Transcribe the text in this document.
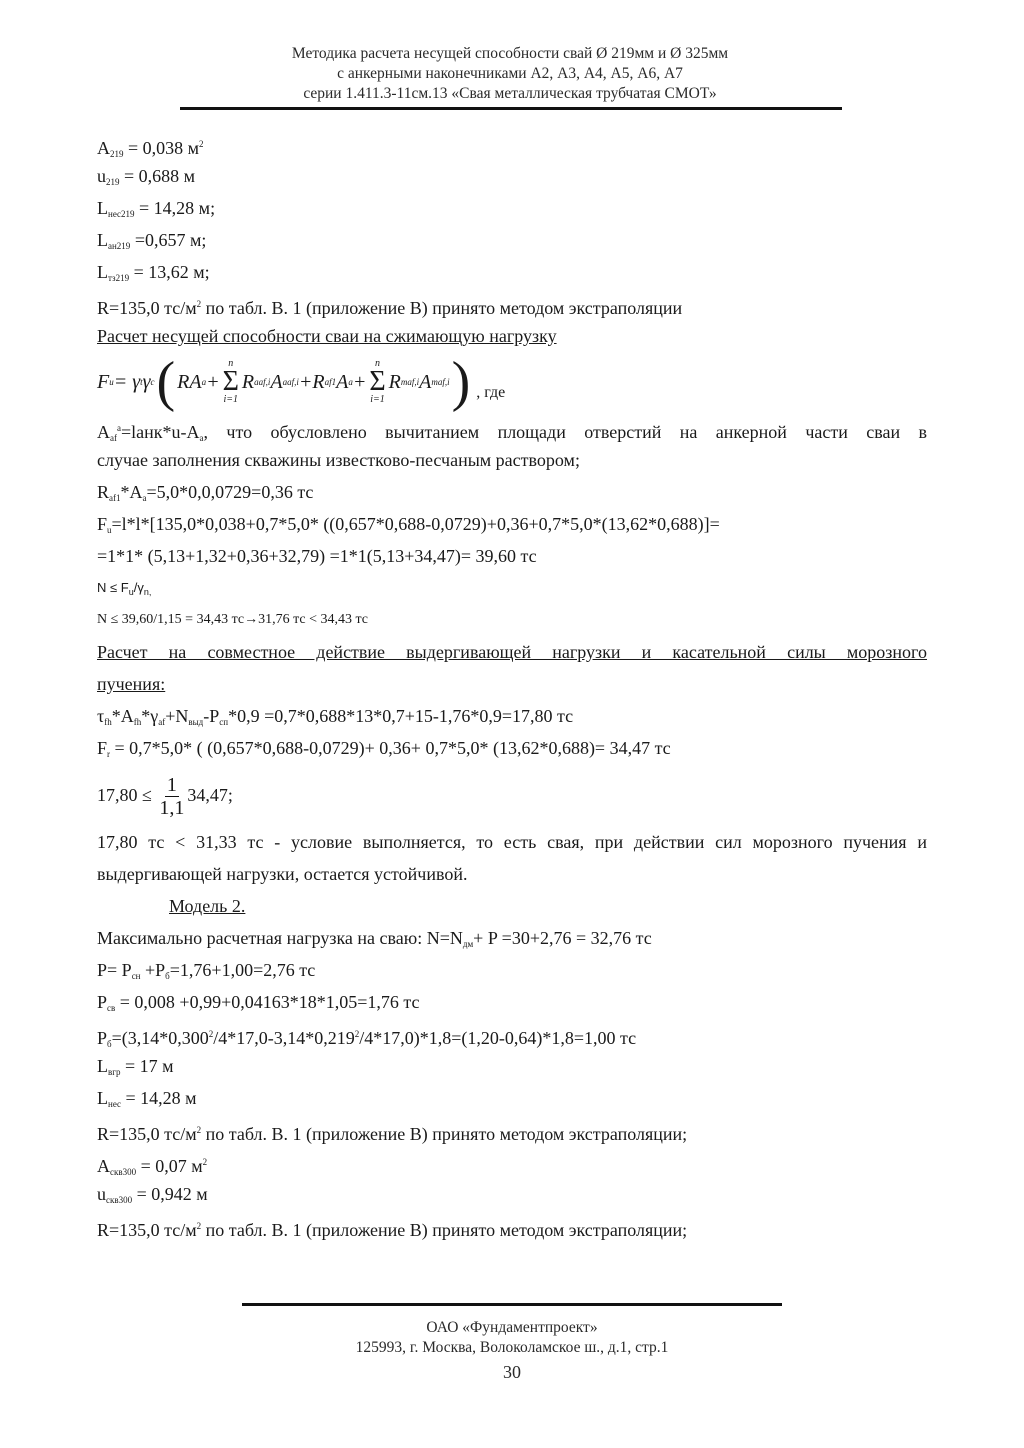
Методика расчета несущей способности свай Ø 219мм и Ø 325мм
с анкерными наконечниками А2, А3, А4, А5, А6, А7
серии 1.411.3-11см.13 «Свая металлическая трубчатая СМОТ»
$A_{219} = 0,038$ $м^2$
$u_{219} = 0,688$ м
$L_{нес219} = 14,28$ м;
$L_{ан219} =0,657$ м;
$L_{тз219} = 13,62$ м;
R=135,0 $тс/м^2$ по табл. В. 1 (приложение В) принято методом экстраполяции
Расчет несущей способности сваи на сжимающую нагрузку
F u = γ t γ c ( RA a +
n
Σ
i=1
R a af,i A a af,i + R af1 A a +
n
Σ
i=1
R m af,i A m af,i ) , где
$A_{af}^a=lанк*u-A_a$, что обусловлено вычитанием площади отверстий на анкерной части сваи в
случае заполнения скважины известково-песчаным раствором;
$R_{af1}*A_a=5,0*0,0,0729=0,36$ тс
$F_u=l*l*[135,0*0,038+0,7*5,0*$ ((0,657*0,688-0,0729)+0,36+0,7*5,0*(13,62*0,688)]=
=1*1* (5,13+1,32+0,36+32,79) =1*1(5,13+34,47)= 39,60 тс
$N \le F_u/\gamma_{n,}$
N ≤ 39,60/1,15 = 34,43 тс→31,76 тс < 34,43 тс
Расчет на совместное действие выдергивающей нагрузки и касательной силы морозного
пучения:
$\tau_{fh}*A_{fh}*\gamma_{af}+N_{выд}-P_{сп}*0,9 =0,7*0,688*13*0,7+15-1,76*0,9=17,80$ тс
$F_r = 0,7*5,0*$ ( (0,657*0,688-0,0729)+ 0,36+ 0,7*5,0* (13,62*0,688)= 34,47 тс
$17,80 \le \frac{1}{1,1} 34,47$;
17,80 тс < 31,33 тс - условие выполняется, то есть свая, при действии сил морозного пучения и
выдергивающей нагрузки, остается устойчивой.
Модель 2.
Максимально расчетная нагрузка на сваю: $N=N_{дм}+ P =30+2,76 = 32,76$ тс
$P= P_{сн} +P_б=1,76+1,00=2,76$ тс
$P_{св} = 0,008 +0,99+0,04163*18*1,05=1,76$ тс
$P_б=(3,14*0,300^2/4*17,0-3,14*0,219^2/4*17,0)*1,8=(1,20-0,64)*1,8=1,00$ тс
$L_{вгр} = 17$ м
$L_{нес} = 14,28$ м
R=135,0 $тс/м^2$ по табл. В. 1 (приложение В) принято методом экстраполяции;
$A_{скв300} = 0,07$ $м^2$
$u_{скв300} = 0,942$ м
R=135,0 $тс/м^2$ по табл. В. 1 (приложение В) принято методом экстраполяции;
ОАО «Фундаментпроект»
125993, г. Москва, Волоколамское ш., д.1, стр.1
30
